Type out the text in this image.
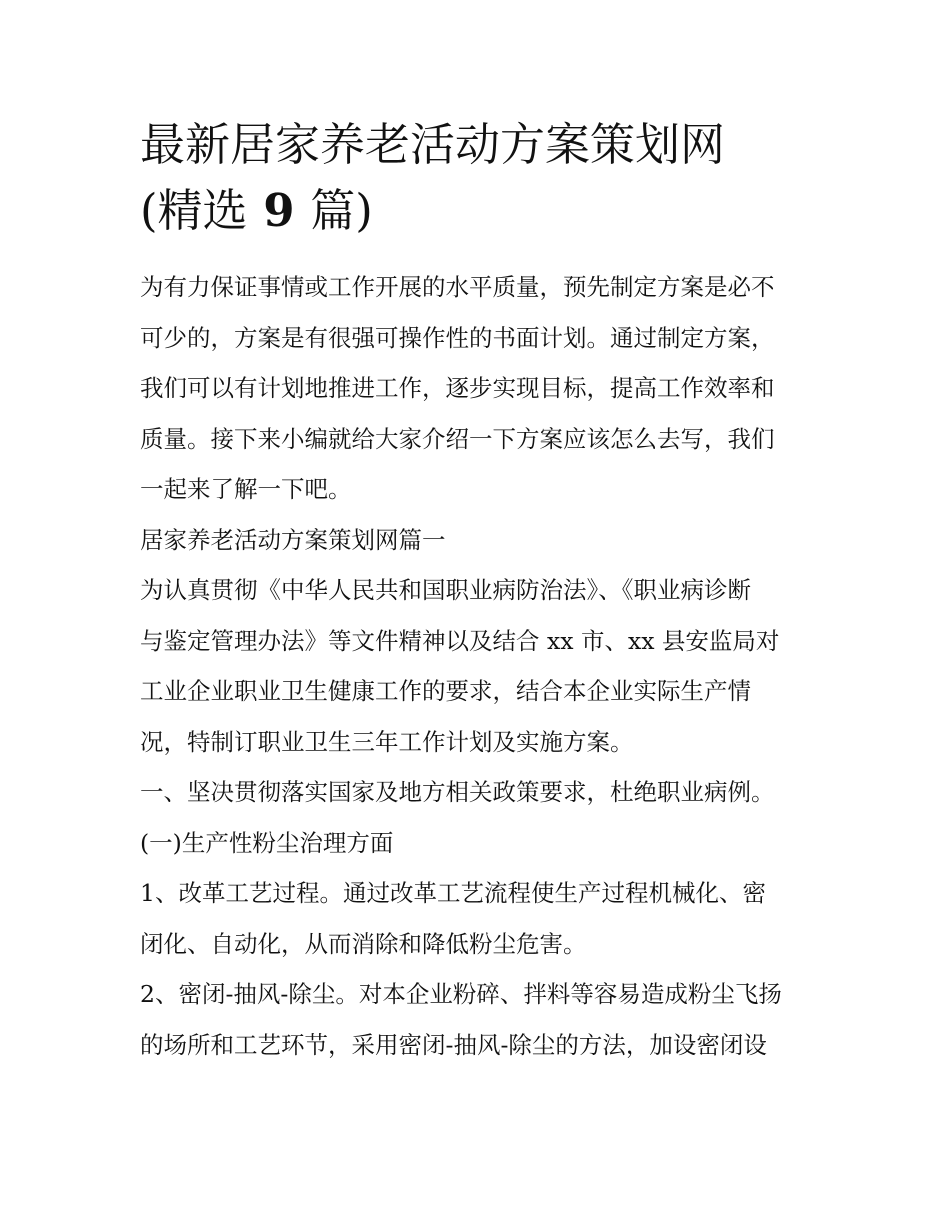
最新居家养老活动方案策划网
(精选 9 篇)

为有力保证事情或工作开展的水平质量，预先制定方案是必不
可少的，方案是有很强可操作性的书面计划。通过制定方案，
我们可以有计划地推进工作，逐步实现目标，提高工作效率和
质量。接下来小编就给大家介绍一下方案应该怎么去写，我们
一起来了解一下吧。

居家养老活动方案策划网篇一

为认真贯彻《中华人民共和国职业病防治法》、《职业病诊断
与鉴定管理办法》等文件精神以及结合 xx 市、xx 县安监局对
工业企业职业卫生健康工作的要求，结合本企业实际生产情
况，特制订职业卫生三年工作计划及实施方案。

一、坚决贯彻落实国家及地方相关政策要求，杜绝职业病例。

(一)生产性粉尘治理方面

1、改革工艺过程。通过改革工艺流程使生产过程机械化、密
闭化、自动化，从而消除和降低粉尘危害。

2、密闭-抽风-除尘。对本企业粉碎、拌料等容易造成粉尘飞扬
的场所和工艺环节，采用密闭-抽风-除尘的方法，加设密闭设
